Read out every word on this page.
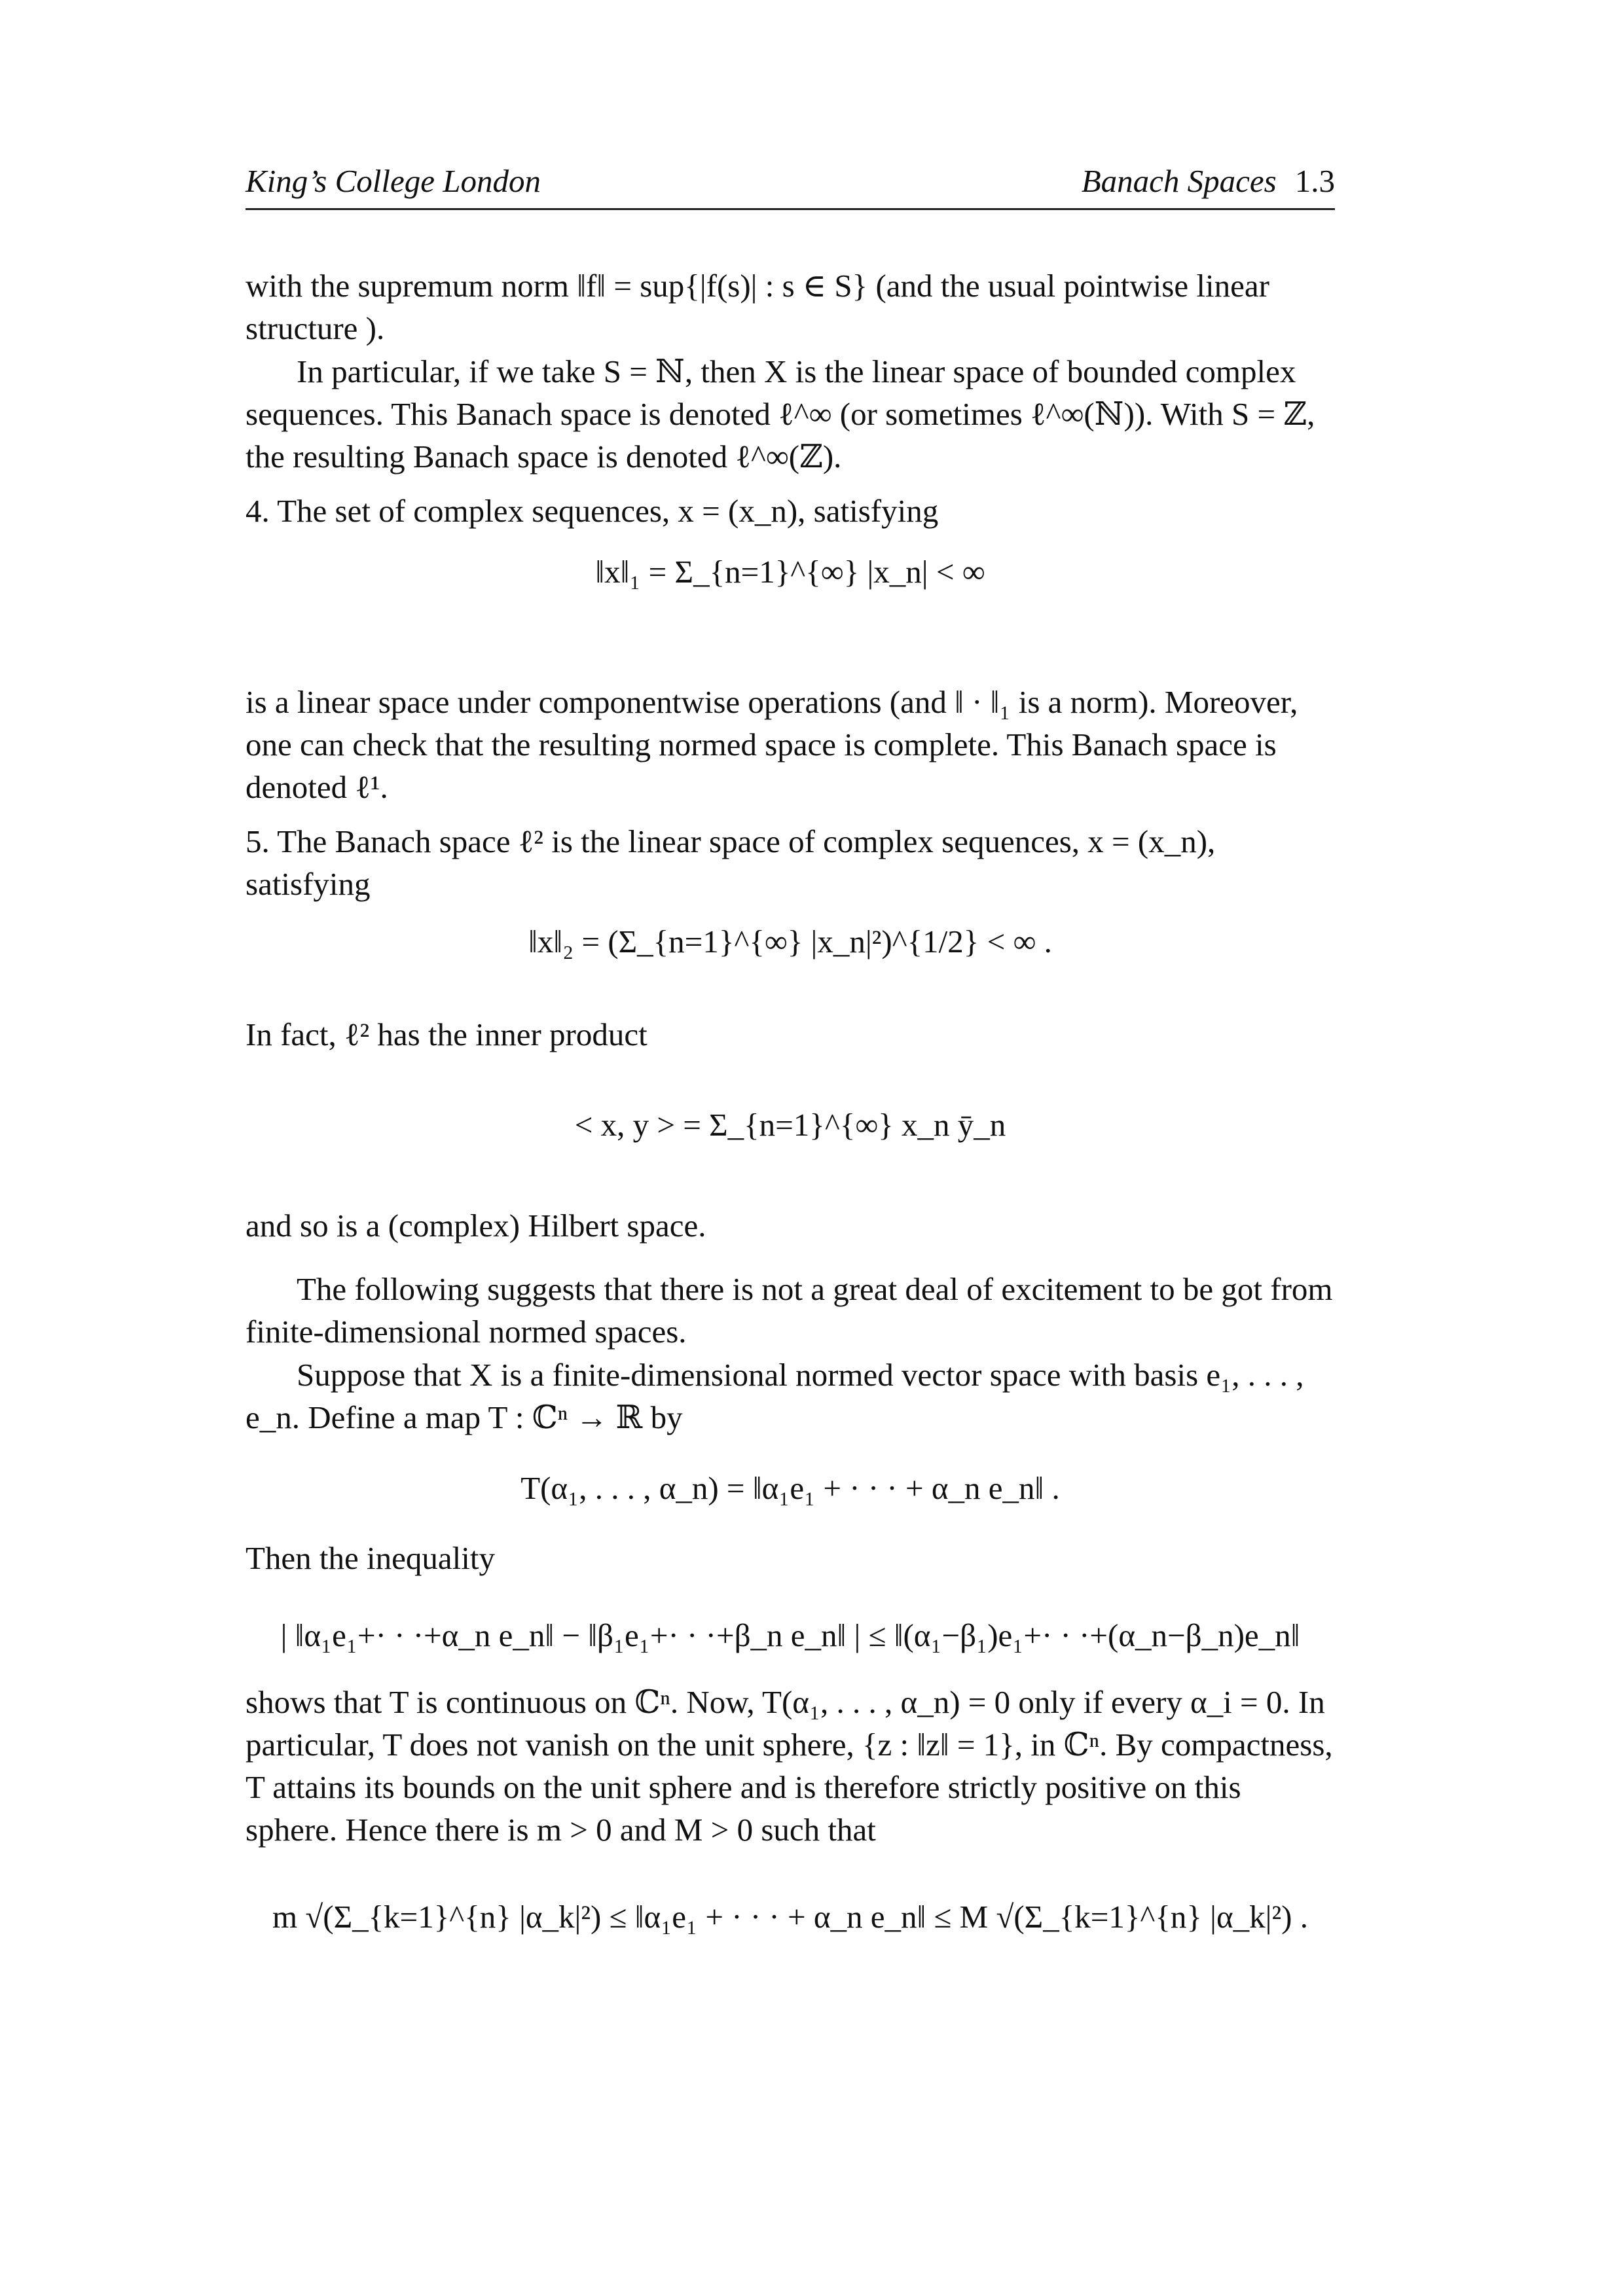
King’s College London	Banach Spaces 1.3
with the supremum norm ‖f‖ = sup{|f(s)| : s ∈ S} (and the usual pointwise linear structure ).
In particular, if we take S = ℕ, then X is the linear space of bounded complex sequences. This Banach space is denoted ℓ^∞ (or sometimes ℓ^∞(ℕ)). With S = ℤ, the resulting Banach space is denoted ℓ^∞(ℤ).
4. The set of complex sequences, x = (x_n), satisfying
‖x‖₁ = Σ_{n=1}^{∞} |x_n| < ∞
is a linear space under componentwise operations (and ‖ · ‖₁ is a norm). Moreover, one can check that the resulting normed space is complete. This Banach space is denoted ℓ¹.
5. The Banach space ℓ² is the linear space of complex sequences, x = (x_n), satisfying
‖x‖₂ = (Σ_{n=1}^{∞} |x_n|²)^{1/2} < ∞ .
In fact, ℓ² has the inner product
< x, y > = Σ_{n=1}^{∞} x_n ȳ_n
and so is a (complex) Hilbert space.
The following suggests that there is not a great deal of excitement to be got from finite-dimensional normed spaces.
Suppose that X is a finite-dimensional normed vector space with basis e₁, . . . , e_n. Define a map T : ℂⁿ → ℝ by
T(α₁, . . . , α_n) = ‖α₁e₁ + · · · + α_n e_n‖ .
Then the inequality
| ‖α₁e₁+· · ·+α_n e_n‖ − ‖β₁e₁+· · ·+β_n e_n‖ | ≤ ‖(α₁−β₁)e₁+· · ·+(α_n−β_n)e_n‖
shows that T is continuous on ℂⁿ. Now, T(α₁, . . . , α_n) = 0 only if every α_i = 0. In particular, T does not vanish on the unit sphere, {z : ‖z‖ = 1}, in ℂⁿ. By compactness, T attains its bounds on the unit sphere and is therefore strictly positive on this sphere. Hence there is m > 0 and M > 0 such that
m √(Σ_{k=1}^{n} |α_k|²) ≤ ‖α₁e₁ + · · · + α_n e_n‖ ≤ M √(Σ_{k=1}^{n} |α_k|²) .
